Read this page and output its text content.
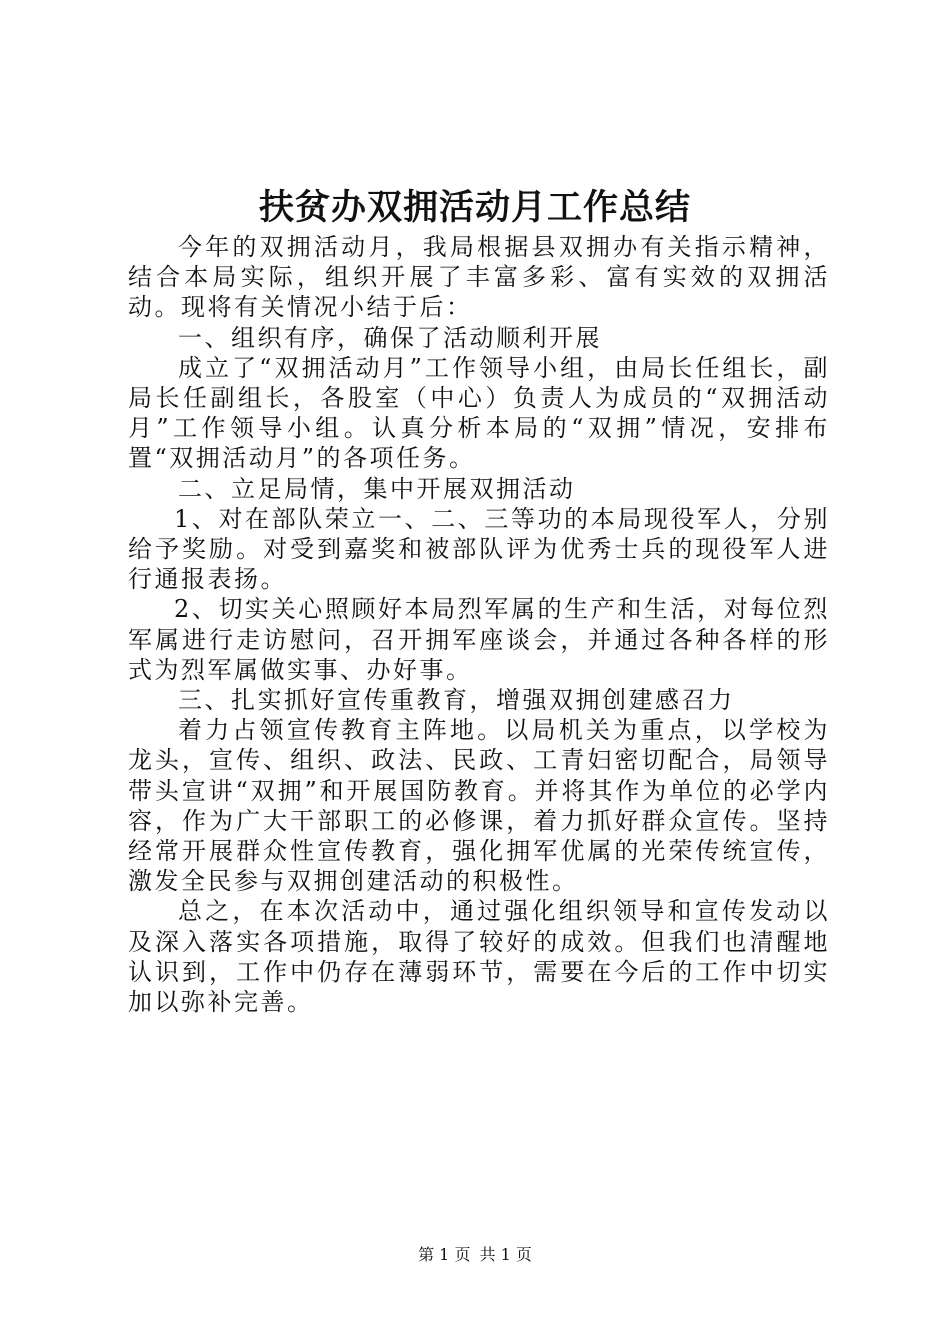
扶贫办双拥活动月工作总结

今年的双拥活动月，我局根据县双拥办有关指示精神，结合本局实际，组织开展了丰富多彩、富有实效的双拥活动。现将有关情况小结于后：

一、组织有序，确保了活动顺利开展

成立了“双拥活动月”工作领导小组，由局长任组长，副局长任副组长，各股室（中心）负责人为成员的“双拥活动月”工作领导小组。认真分析本局的“双拥”情况，安排布置“双拥活动月”的各项任务。

二、立足局情，集中开展双拥活动

1、对在部队荣立一、二、三等功的本局现役军人，分别给予奖励。对受到嘉奖和被部队评为优秀士兵的现役军人进行通报表扬。

2、切实关心照顾好本局烈军属的生产和生活，对每位烈军属进行走访慰问，召开拥军座谈会，并通过各种各样的形式为烈军属做实事、办好事。

三、扎实抓好宣传重教育，增强双拥创建感召力

着力占领宣传教育主阵地。以局机关为重点，以学校为龙头，宣传、组织、政法、民政、工青妇密切配合，局领导带头宣讲“双拥”和开展国防教育。并将其作为单位的必学内容，作为广大干部职工的必修课，着力抓好群众宣传。坚持经常开展群众性宣传教育，强化拥军优属的光荣传统宣传，激发全民参与双拥创建活动的积极性。

总之，在本次活动中，通过强化组织领导和宣传发动以及深入落实各项措施，取得了较好的成效。但我们也清醒地认识到，工作中仍存在薄弱环节，需要在今后的工作中切实加以弥补完善。

第 1 页 共 1 页
